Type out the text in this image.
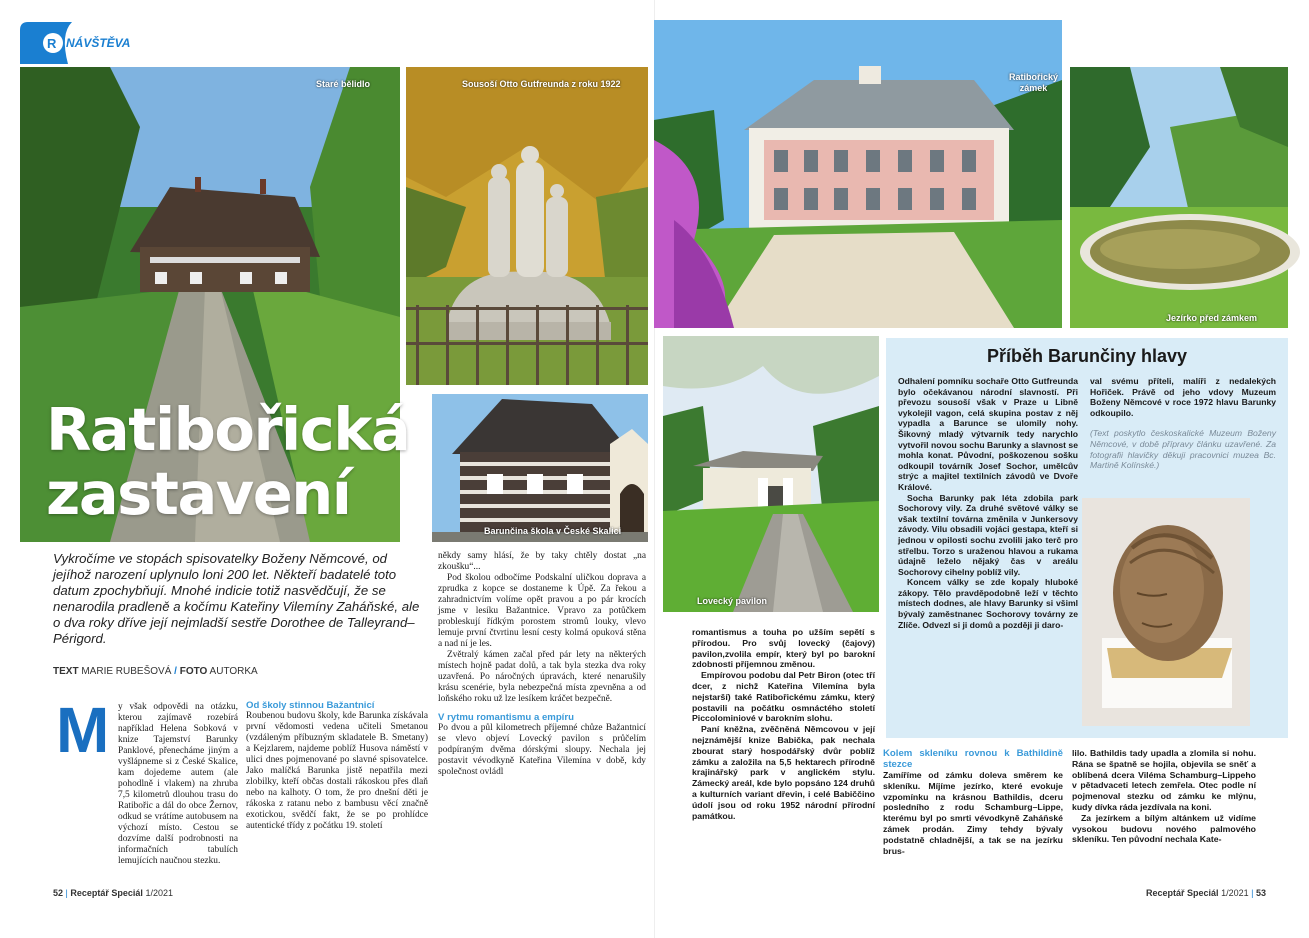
R NÁVŠTĚVA
Staré bělidlo
Ratibořická
zastavení
Sousoší Otto Gutfreunda z roku 1922
Barunčina škola v České Skalici
Ratibořický zámek
Jezírko před zámkem
Lovecký pavilon
Vykročíme ve stopách spisovatelky Boženy Němcové, od jejíhož narození uplynulo loni 200 let. Někteří badatelé toto datum zpochybňují. Mnohé indicie totiž nasvědčují, že se nenarodila pradleně a kočímu Kateřiny Vilemíny Zaháňské, ale o dva roky dříve její nejmladší sestře Dorothee de Talleyrand–Périgord.
TEXT MARIE RUBEŠOVÁ / FOTO AUTORKA
M y však odpovědi na otázku, kterou zajímavě rozebírá například Helena Sobková v knize Tajemství Barunky Panklové, přenecháme jiným a vyšlápneme si z České Skalice, kam dojedeme autem (ale pohodlně i vlakem) na zhruba 7,5 kilometrů dlouhou trasu do Ratibořic a dál do obce Žernov, odkud se vrátíme autobusem na výchozí místo. Cestou se dozvíme další podrobnosti na informačních tabulích lemujících naučnou stezku.

Od školy stinnou Bažantnicí

Roubenou budovu školy, kde Barunka získávala první vědomosti vedena učiteli Smetanou (vzdáleným příbuzným skladatele B. Smetany) a Kejzlarem, najdeme poblíž Husova náměstí v ulici dnes pojmenované po slavné spisovatelce. Jako malíčká Barunka jistě nepatřila mezi zlobilky, kteří občas dostali rákoskou přes dlaň nebo na kalhoty. O tom, že pro dnešní děti je rákoska z ratanu nebo z bambusu věcí značně exotickou, svědčí fakt, že se po prohlídce autentické třídy z počátku 19. století

někdy samy hlásí, že by taky chtěly dostat „na zkoušku“...

Pod školou odbočíme Podskalní uličkou doprava a zprudka z kopce se dostaneme k Úpě. Za řekou a zahradnictvím volíme opět pravou a po pár krocích jsme v lesíku Bažantnice. Vpravo za potůčkem probleskují řídkým porostem stromů louky, vlevo lemuje první čtvrtinu lesní cesty kolmá opuková stěna a nad ní je les.

Zvětralý kámen začal před pár lety na některých místech hojně padat dolů, a tak byla stezka dva roky uzavřená. Po náročných úpravách, které nenarušily krásu scenérie, byla nebezpečná místa zpevněna a od loňského roku už lze lesíkem kráčet bezpečně.

V rytmu romantismu a empíru

Po dvou a půl kilometrech příjemné chůze Bažantnicí se vlevo objeví Lovecký pavilon s průčelím podpíraným dvěma dórskými sloupy. Nechala jej postavit vévodkyně Kateřina Vilemína v době, kdy společnost ovládl

romantismus a touha po užším sepětí s přírodou. Pro svůj lovecký (čajový) pavilon,zvolila empír, který byl po barokní zdobnosti příjemnou změnou.

Empírovou podobu dal Petr Biron (otec tří dcer, z nichž Kateřina Vilemína byla nejstarší) také Ratibořickému zámku, který postavili na počátku osmnáctého století Piccolominiové v barokním slohu.

Paní kněžna, zvěčněná Němcovou v její nejznámější knize Babička, pak nechala zbourat starý hospodářský dvůr poblíž zámku a založila na 5,5 hektarech přírodně krajinářský park v anglickém stylu. Zámecký areál, kde bylo popsáno 124 druhů a kulturních variant dřevin, i celé Babiččino údolí jsou od roku 1952 národní přírodní památkou.

Příběh Barunčiny hlavy

Odhalení pomníku sochaře Otto Gutfreunda bylo očekávanou národní slavností. Při převozu sousoší však v Praze u Libně vykolejil vagon, celá skupina postav z něj vypadla a Barunce se ulomily nohy. Šikovný mladý výtvarník tedy narychlo vytvořil novou sochu Barunky a slavnost se mohla konat. Původní, poškozenou sošku odkoupil továrník Josef Sochor, umělcův strýc a majitel textilních závodů ve Dvoře Králové.

Socha Barunky pak léta zdobila park Sochorovy vily. Za druhé světové války se však textilní továrna změnila v Junkersovy závody. Vilu obsadili vojáci gestapa, kteří si jednou v opilosti sochu zvolili jako terč pro střelbu. Torzo s uraženou hlavou a rukama údajně leželo nějaký čas v areálu Sochorovy cihelny poblíž vily.

Koncem války se zde kopaly hluboké zákopy. Tělo pravděpodobně leží v těchto místech dodnes, ale hlavy Barunky si všiml bývalý zaměstnanec Sochorovy továrny ze Zlíče. Odvezl si ji domů a později ji daro-

val svému příteli, malíři z nedalekých Hořiček. Právě od jeho vdovy Muzeum Boženy Němcové v roce 1972 hlavu Barunky odkoupilo.

(Text poskytlo českoskalické Muzeum Boženy Němcové, v době přípravy článku uzavřené. Za fotografii hlavičky děkuji pracovnici muzea Bc. Martině Kolínské.)

Kolem skleníku rovnou k Bathildině stezce

Zamíříme od zámku doleva směrem ke skleníku. Míjíme jezírko, které evokuje vzpomínku na krásnou Bathildis, dceru posledního z rodu Schamburg–Lippe, kterému byl po smrti vévodkyně Zaháňské zámek prodán. Zimy tehdy bývaly podstatně chladnější, a tak se na jezírku brus-

lilo. Bathildis tady upadla a zlomila si nohu. Rána se špatně se hojila, objevila se sněť a oblíbená dcera Viléma Schamburg–Lippeho v pětadvaceti letech zemřela. Otec podle ní pojmenoval stezku od zámku ke mlýnu, kudy dívka ráda jezdívala na koni.

Za jezírkem a bílým altánkem už vidíme vysokou budovu nového palmového skleníku. Ten původní nechala Kate-

52 | Receptář Speciál 1/2021	Receptář Speciál 1/2021 | 53
